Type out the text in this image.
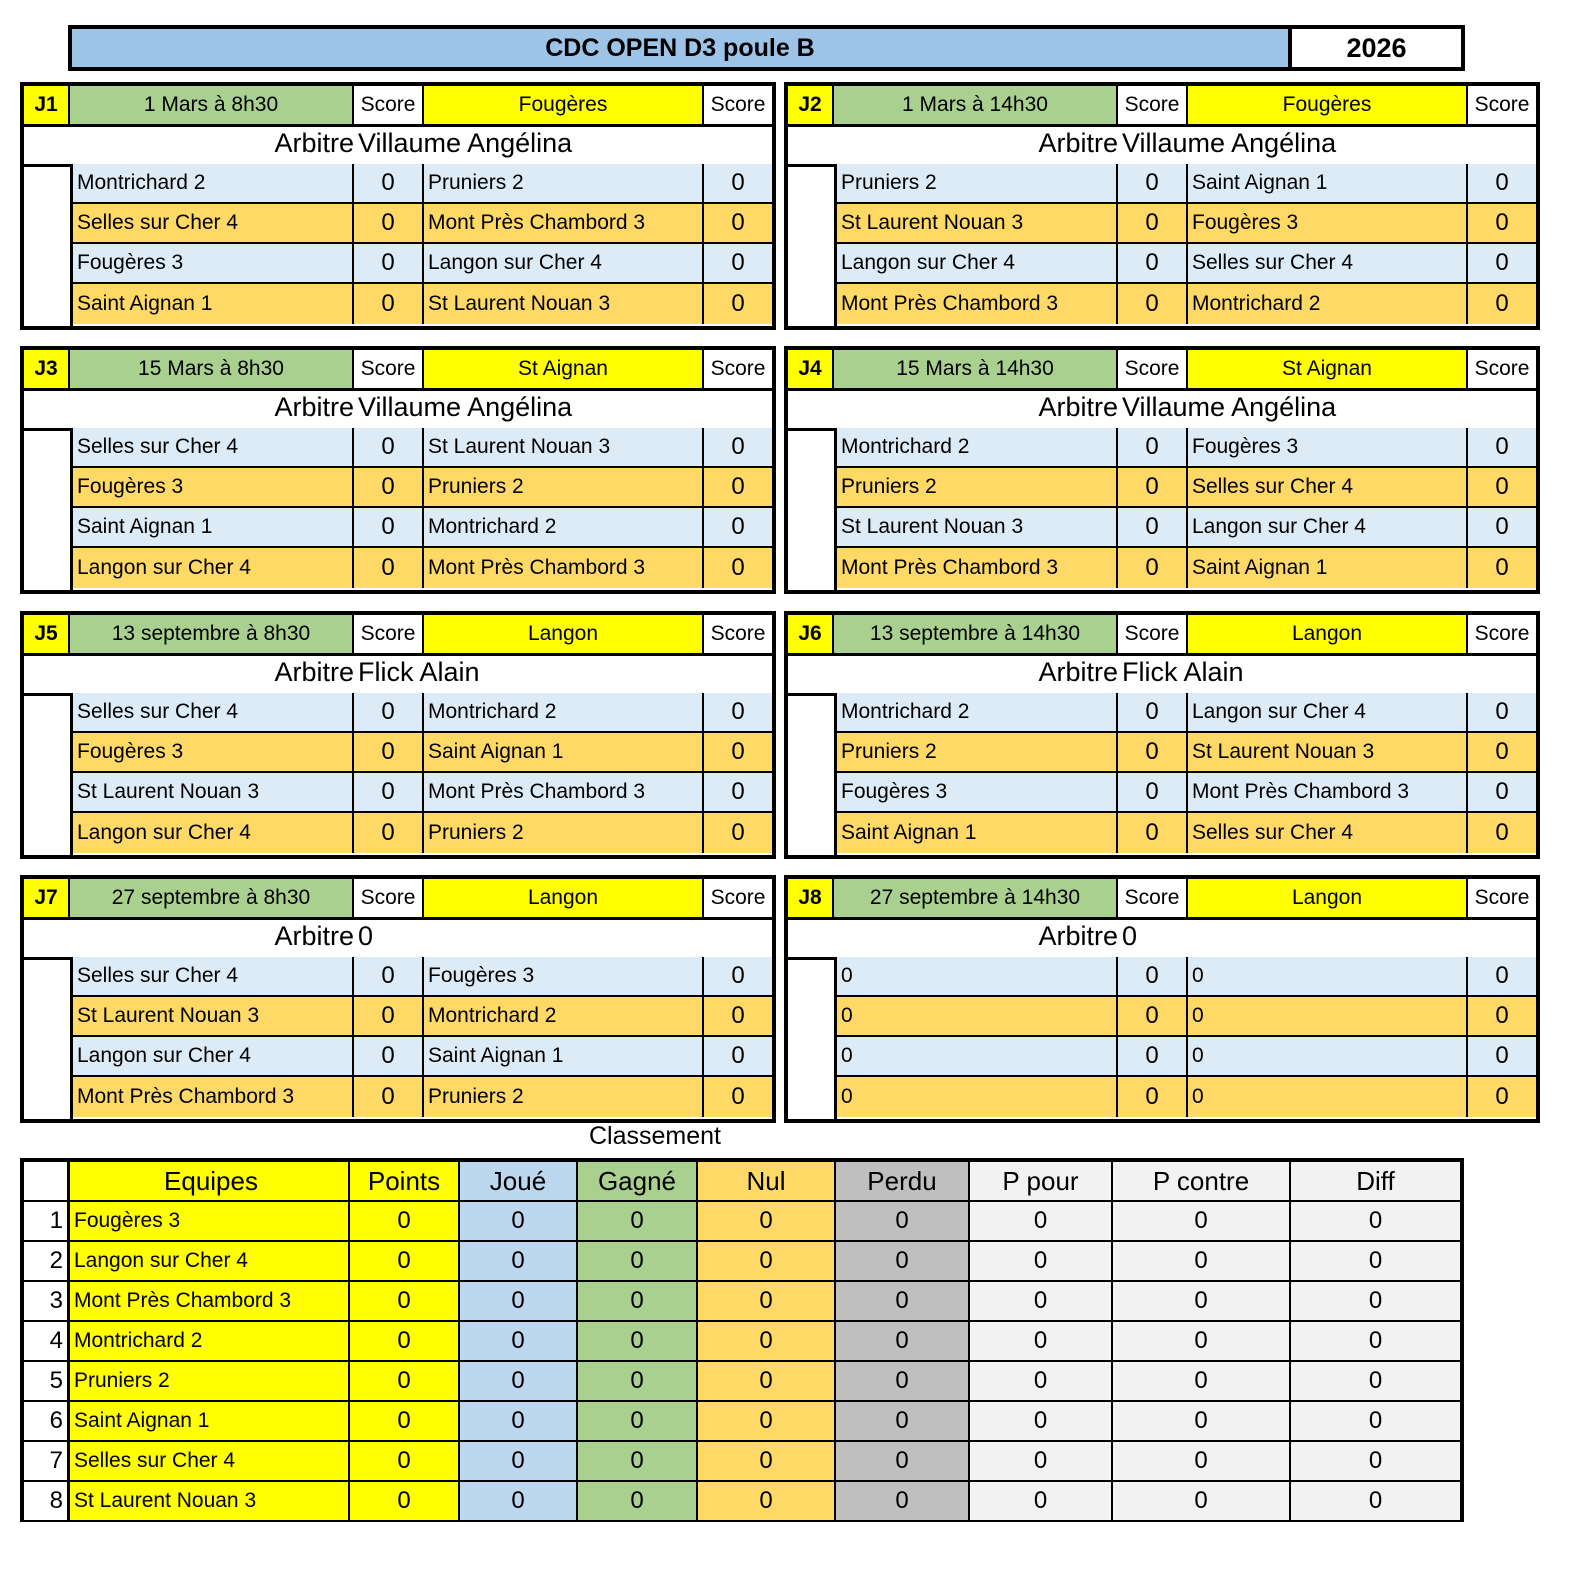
CDC OPEN D3 poule B	2026
J1	1 Mars à 8h30	Score	Fougères	Score
Arbitre Villaume Angélina
Montrichard 2	0	Pruniers 2	0
Selles sur Cher 4	0	Mont Près Chambord 3	0
Fougères 3	0	Langon sur Cher 4	0
Saint Aignan 1	0	St Laurent Nouan 3	0
J2	1 Mars à 14h30	Score	Fougères	Score
Arbitre Villaume Angélina
Pruniers 2	0	Saint Aignan 1	0
St Laurent Nouan 3	0	Fougères 3	0
Langon sur Cher 4	0	Selles sur Cher 4	0
Mont Près Chambord 3	0	Montrichard 2	0
J3	15 Mars à 8h30	Score	St Aignan	Score
Arbitre Villaume Angélina
Selles sur Cher 4	0	St Laurent Nouan 3	0
Fougères 3	0	Pruniers 2	0
Saint Aignan 1	0	Montrichard 2	0
Langon sur Cher 4	0	Mont Près Chambord 3	0
J4	15 Mars à 14h30	Score	St Aignan	Score
Arbitre Villaume Angélina
Montrichard 2	0	Fougères 3	0
Pruniers 2	0	Selles sur Cher 4	0
St Laurent Nouan 3	0	Langon sur Cher 4	0
Mont Près Chambord 3	0	Saint Aignan 1	0
J5	13 septembre à 8h30	Score	Langon	Score
Arbitre Flick Alain
Selles sur Cher 4	0	Montrichard 2	0
Fougères 3	0	Saint Aignan 1	0
St Laurent Nouan 3	0	Mont Près Chambord 3	0
Langon sur Cher 4	0	Pruniers 2	0
J6	13 septembre à 14h30	Score	Langon	Score
Arbitre Flick Alain
Montrichard 2	0	Langon sur Cher 4	0
Pruniers 2	0	St Laurent Nouan 3	0
Fougères 3	0	Mont Près Chambord 3	0
Saint Aignan 1	0	Selles sur Cher 4	0
J7	27 septembre à 8h30	Score	Langon	Score
Arbitre 0
Selles sur Cher 4	0	Fougères 3	0
St Laurent Nouan 3	0	Montrichard 2	0
Langon sur Cher 4	0	Saint Aignan 1	0
Mont Près Chambord 3	0	Pruniers 2	0
J8	27 septembre à 14h30	Score	Langon	Score
Arbitre 0
0	0	0	0
0	0	0	0
0	0	0	0
0	0	0	0
Classement
Equipes	Points	Joué	Gagné	Nul	Perdu	P pour	P contre	Diff
1 Fougères 3	0	0	0	0	0	0	0	0
2 Langon sur Cher 4	0	0	0	0	0	0	0	0
3 Mont Près Chambord 3	0	0	0	0	0	0	0	0
4 Montrichard 2	0	0	0	0	0	0	0	0
5 Pruniers 2	0	0	0	0	0	0	0	0
6 Saint Aignan 1	0	0	0	0	0	0	0	0
7 Selles sur Cher 4	0	0	0	0	0	0	0	0
8 St Laurent Nouan 3	0	0	0	0	0	0	0	0
